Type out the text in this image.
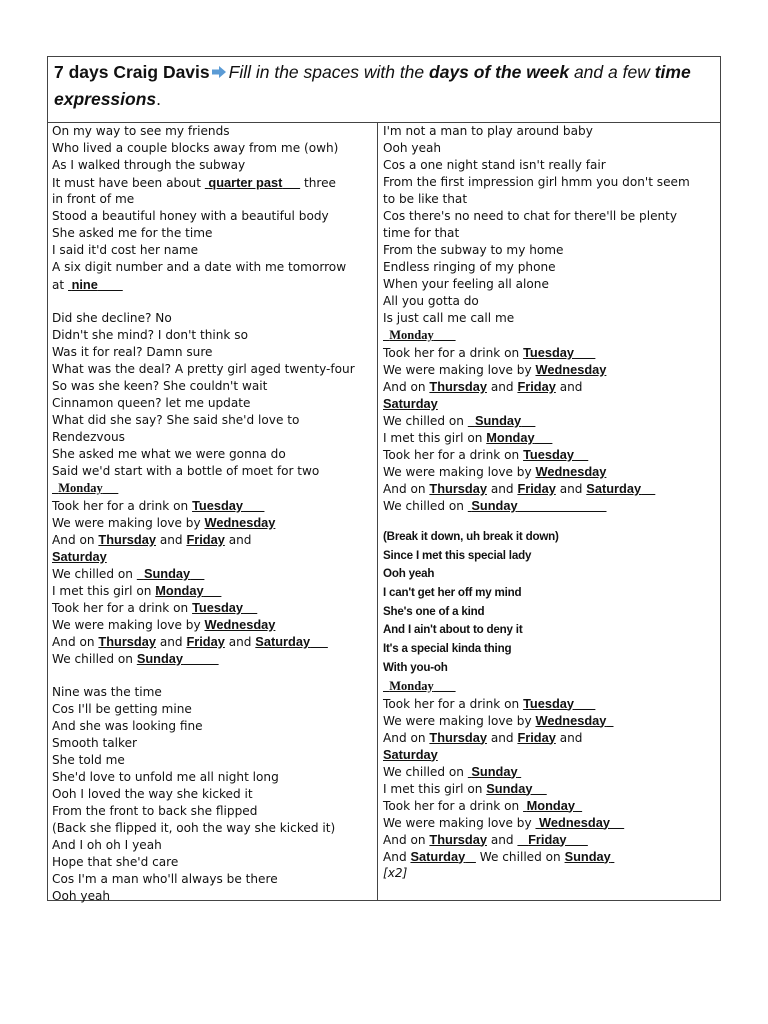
7 days Craig Davis Fill in the spaces with the days of the week and a few time
expressions.
On my way to see my friends
Who lived a couple blocks away from me (owh)
As I walked through the subway
It must have been about  quarter past      three
in front of me
Stood a beautiful honey with a beautiful body
She asked me for the time
I said it'd cost her name
A six digit number and a date with me tomorrow
at  nine
Did she decline? No
Didn't she mind? I don't think so
Was it for real? Damn sure
What was the deal? A pretty girl aged twenty-four
So was she keen? She couldn't wait
Cinnamon queen? let me update
What did she say? She said she'd love to
Rendezvous
She asked me what we were gonna do
Said we'd start with a bottle of moet for two
Monday
Took her for a drink on Tuesday    _
We were making love by Wednesday
And on Thursday and Friday and
Saturday
We chilled on   Sunday
I met this girl on Monday
Took her for a drink on Tuesday
We were making love by Wednesday
And on Thursday and Friday and Saturday
We chilled on Sunday
Nine was the time
Cos I'll be getting mine
And she was looking fine
Smooth talker
She told me
She'd love to unfold me all night long
Ooh I loved the way she kicked it
From the front to back she flipped
(Back she flipped it, ooh the way she kicked it)
And I oh oh I yeah
Hope that she'd care
Cos I'm a man who'll always be there
Ooh yeah
I'm not a man to play around baby
Ooh yeah
Cos a one night stand isn't really fair
From the first impression girl hmm you don't seem
to be like that
Cos there's no need to chat for there'll be plenty
time for that
From the subway to my home
Endless ringing of my phone
When your feeling all alone
All you gotta do
Is just call me call me
Monday
Took her for a drink on Tuesday
We were making love by Wednesday
And on Thursday and Friday and
Saturday
We chilled on   Sunday
I met this girl on Monday
Took her for a drink on Tuesday
We were making love by Wednesday
And on Thursday and Friday and Saturday
We chilled on  Sunday
(Break it down, uh break it down)
Since I met this special lady
Ooh yeah
I can't get her off my mind
She's one of a kind
And I ain't about to deny it
It's a special kinda thing
With you-oh
Monday
Took her for a drink on Tuesday
We were making love by Wednesday
And on Thursday and Friday and
Saturday
We chilled on  Sunday
I met this girl on Sunday
Took her for a drink on  Monday
We were making love by  Wednesday
And on Thursday and    Friday
And Saturday    We chilled on Sunday
[x2]
